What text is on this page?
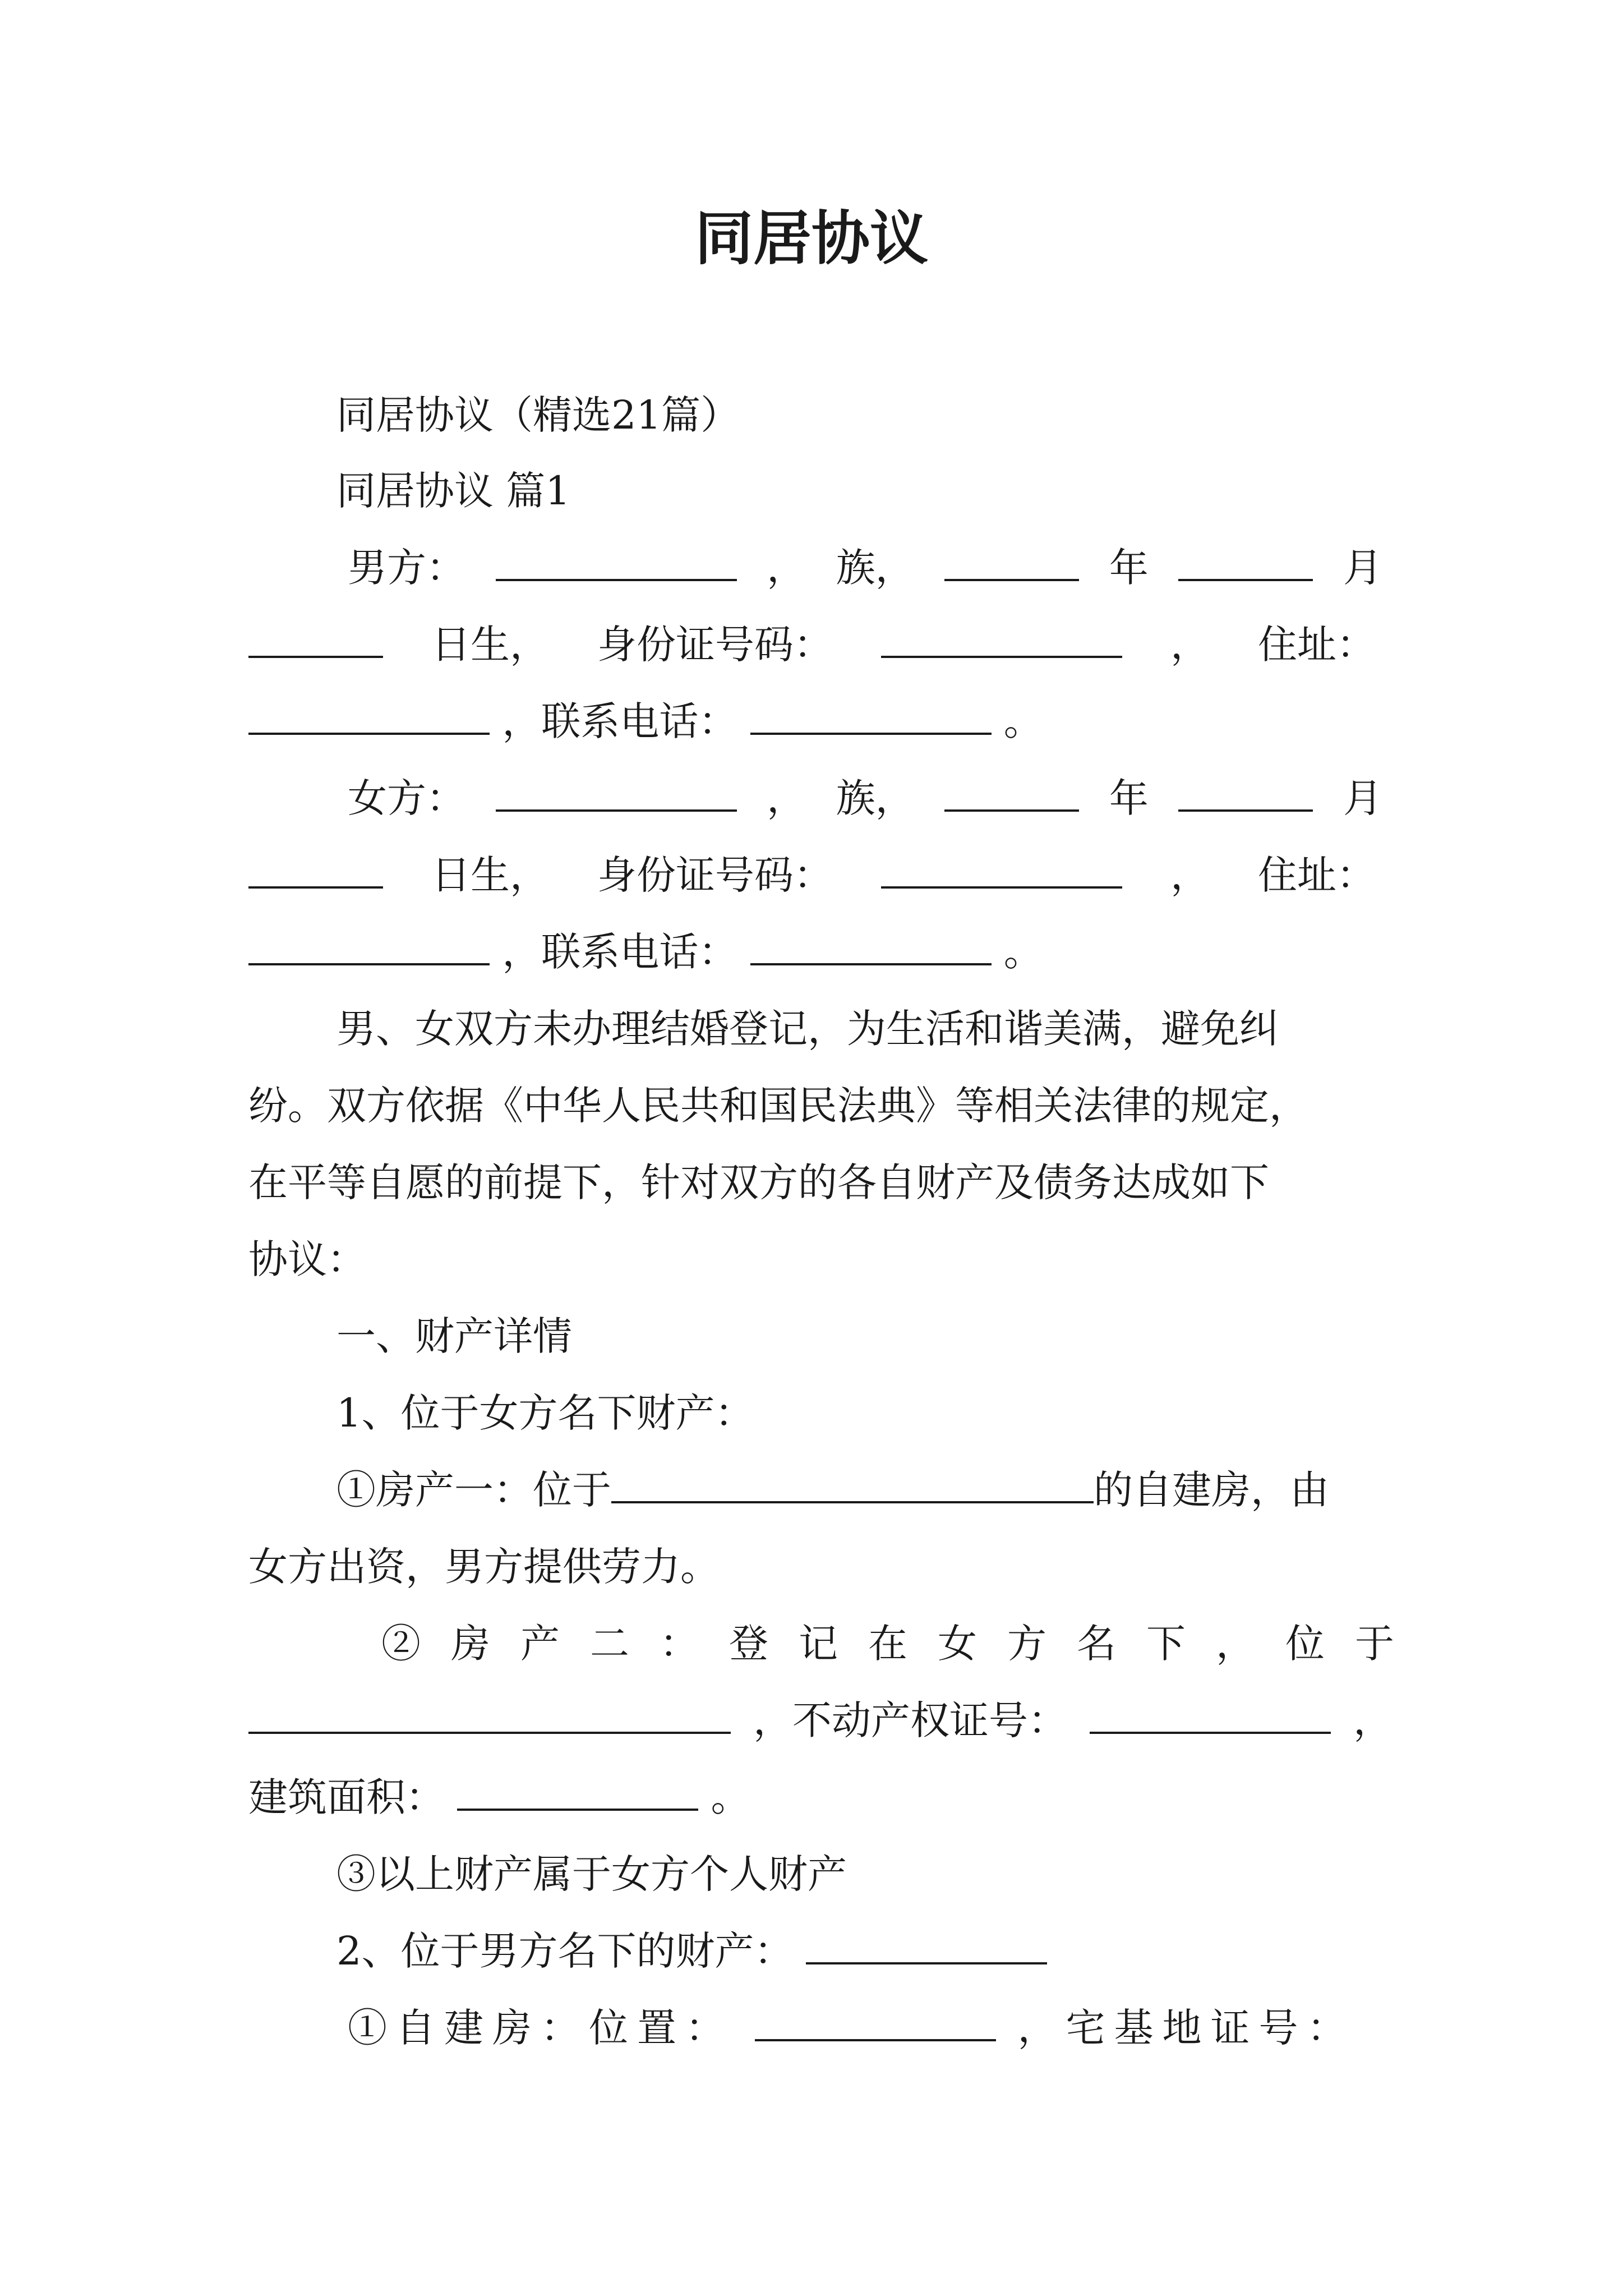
同居协议
同居协议（精选21篇）
同居协议 篇1
男方：	， 族，	年	月
日生， 身份证号码：	， 住址：
，联系电话：	。
女方：	， 族，	年	月
日生， 身份证号码：	， 住址：
，联系电话：	。
男、女双方未办理结婚登记，为生活和谐美满，避免纠
纷。双方依据《中华人民共和国民法典》等相关法律的规定，
在平等自愿的前提下，针对双方的各自财产及债务达成如下
协议：
一、财产详情
1、位于女方名下财产：
①房产一：位于	的自建房，由
女方出资，男方提供劳力。
②房产二：登记在女方名下，位于
，不动产权证号：	，
建筑面积：	。
③以上财产属于女方个人财产
2、位于男方名下的财产：
①自建房：位置：	，宅基地证号：
